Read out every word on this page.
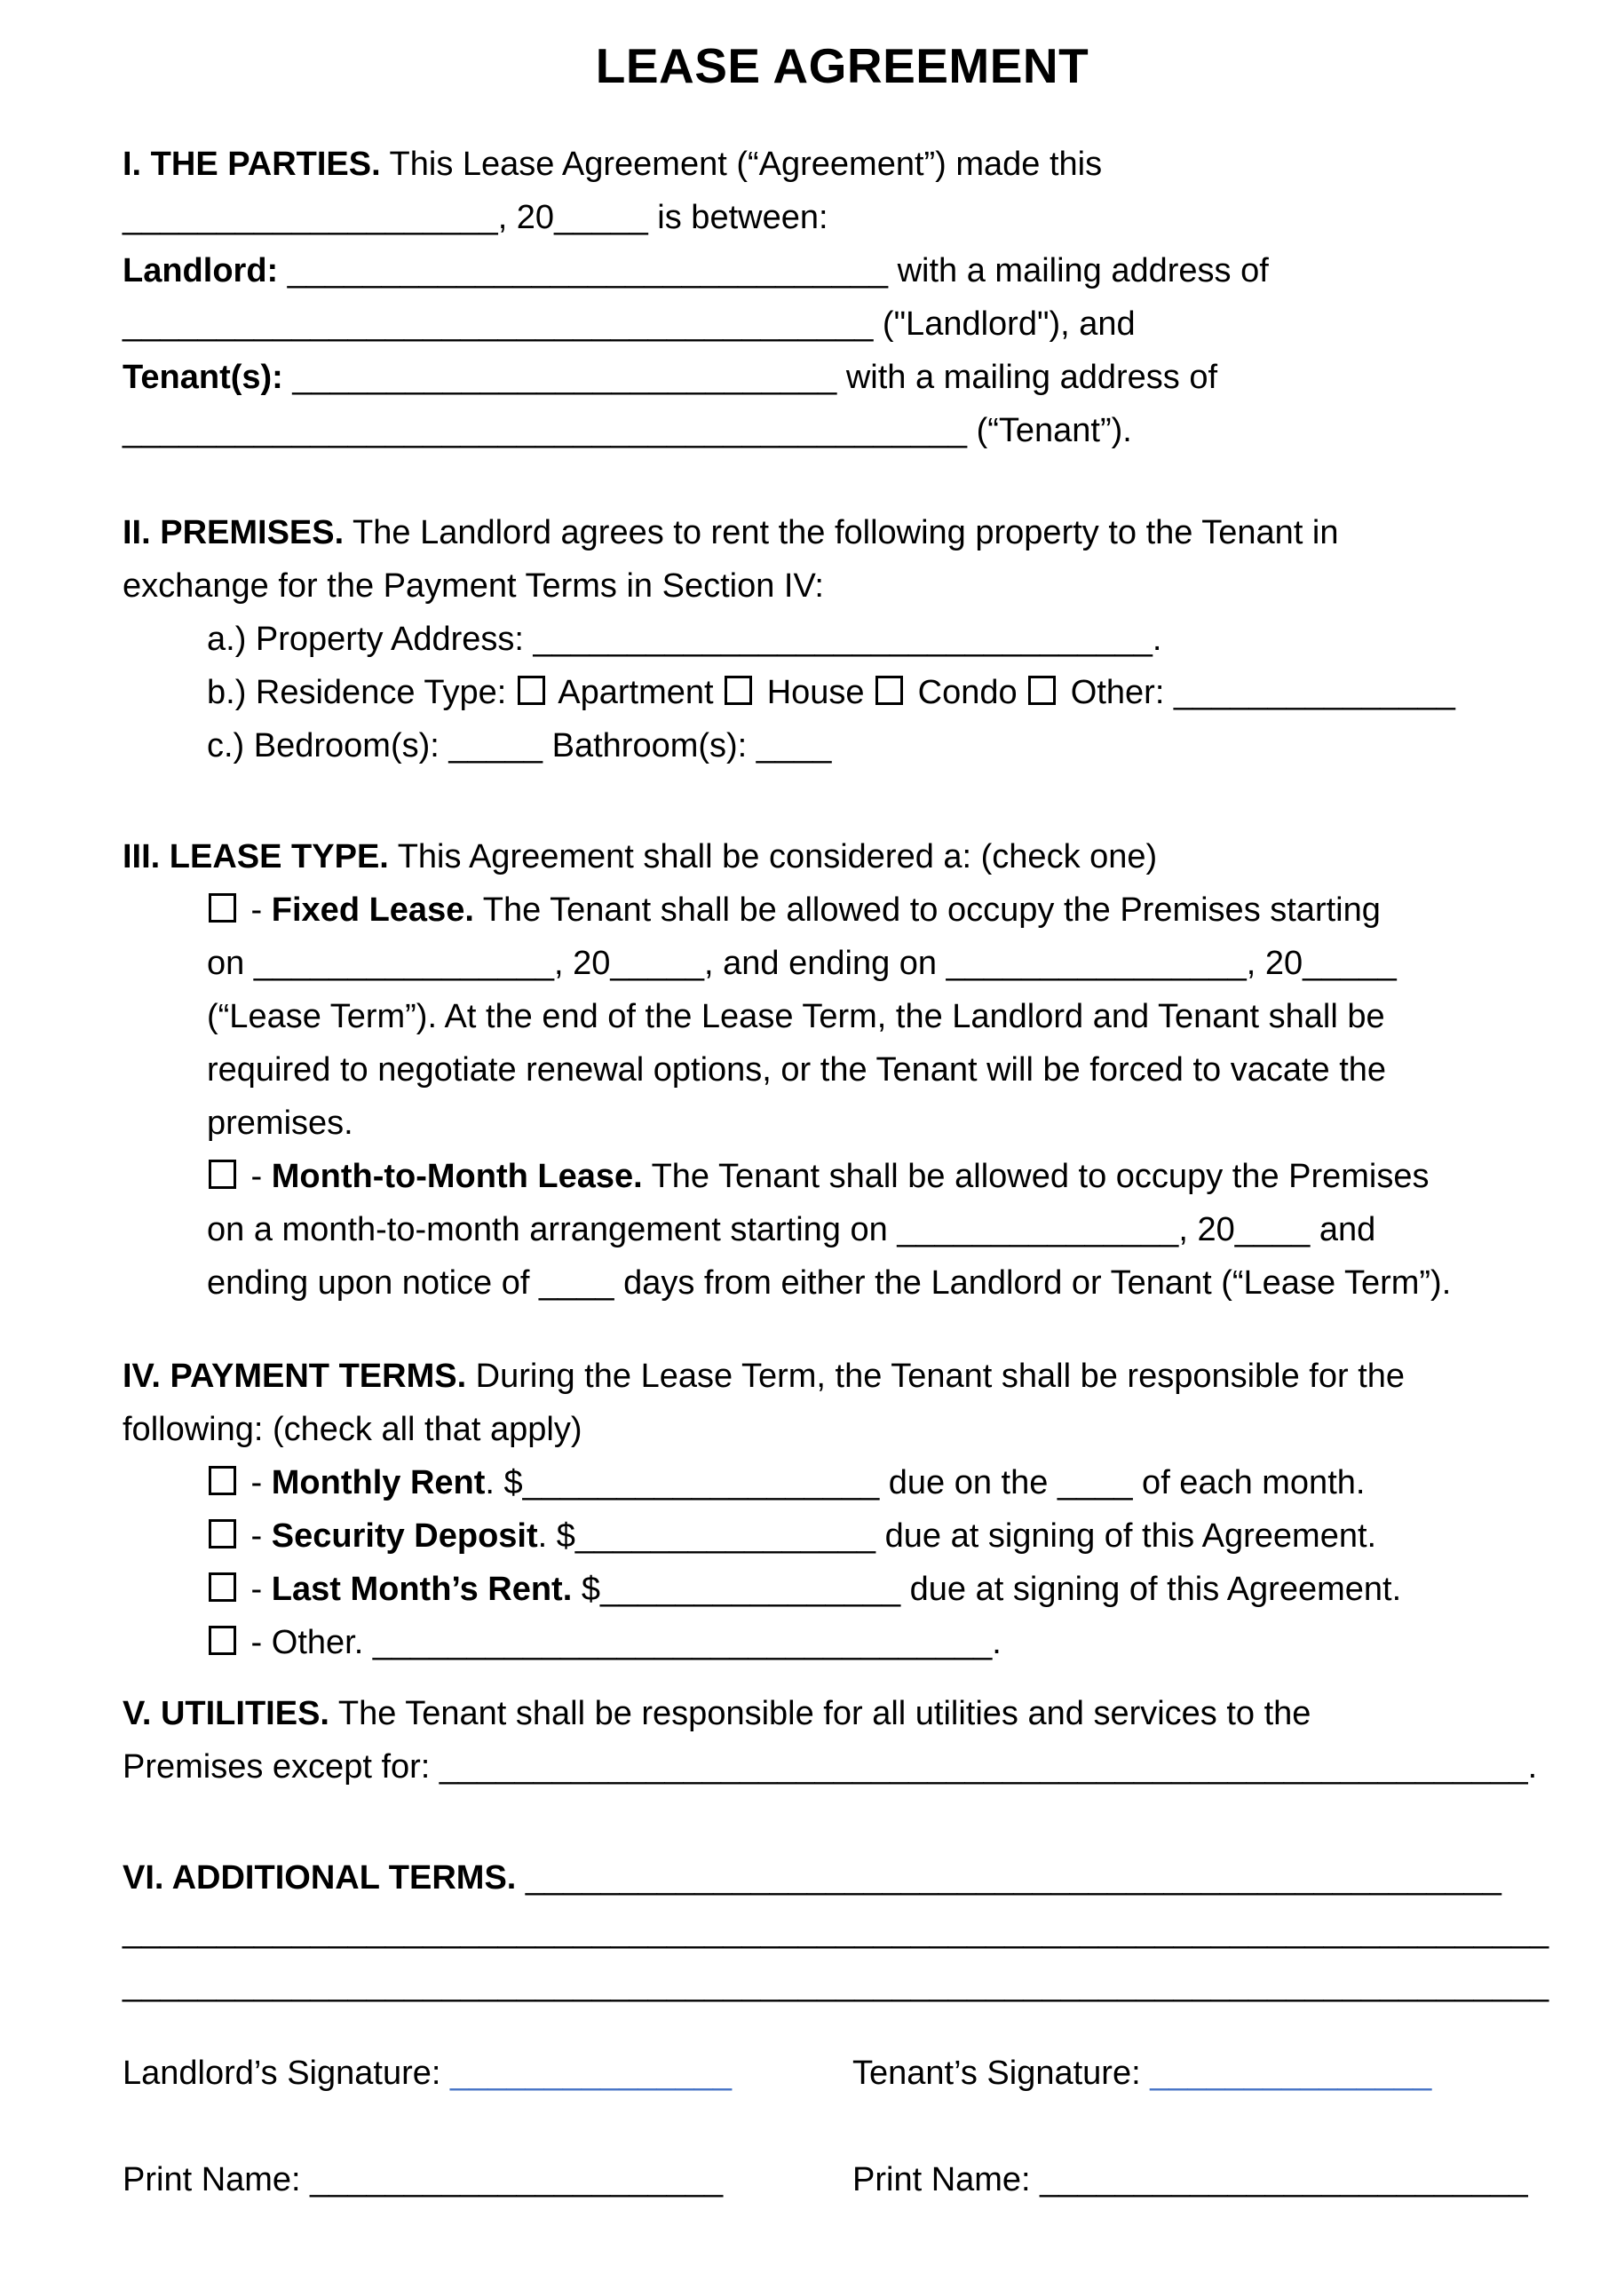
LEASE AGREEMENT
I. THE PARTIES. This Lease Agreement (“Agreement”) made this
____________________, 20_____ is between:
Landlord: ________________________________ with a mailing address of
________________________________________ ("Landlord"), and
Tenant(s): _____________________________ with a mailing address of
_____________________________________________ (“Tenant”).
II. PREMISES. The Landlord agrees to rent the following property to the Tenant in
exchange for the Payment Terms in Section IV:
a.) Property Address: _________________________________.
b.) Residence Type:  Apartment  House  Condo  Other: _______________
c.) Bedroom(s): _____ Bathroom(s): ____
III. LEASE TYPE. This Agreement shall be considered a: (check one)
- Fixed Lease. The Tenant shall be allowed to occupy the Premises starting
on ________________, 20_____, and ending on ________________, 20_____
(“Lease Term”). At the end of the Lease Term, the Landlord and Tenant shall be
required to negotiate renewal options, or the Tenant will be forced to vacate the
premises.
- Month-to-Month Lease. The Tenant shall be allowed to occupy the Premises
on a month-to-month arrangement starting on _______________, 20____ and
ending upon notice of ____ days from either the Landlord or Tenant (“Lease Term”).
IV. PAYMENT TERMS. During the Lease Term, the Tenant shall be responsible for the
following: (check all that apply)
- Monthly Rent. $___________________ due on the ____ of each month.
- Security Deposit. $________________ due at signing of this Agreement.
- Last Month’s Rent. $________________ due at signing of this Agreement.
- Other. _________________________________.
V. UTILITIES. The Tenant shall be responsible for all utilities and services to the
Premises except for: __________________________________________________________.
VI. ADDITIONAL TERMS. ____________________________________________________
____________________________________________________________________________
____________________________________________________________________________
Landlord’s Signature: _______________	Tenant’s Signature: _______________
Print Name: ______________________	Print Name: __________________________
